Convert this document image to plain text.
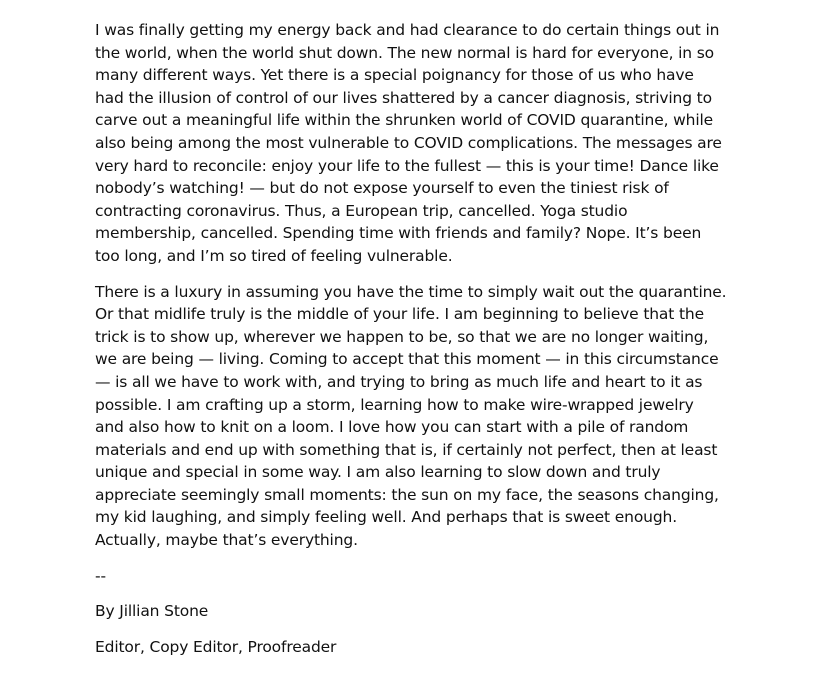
I was finally getting my energy back and had clearance to do certain things out in the world, when the world shut down. The new normal is hard for everyone, in so many different ways. Yet there is a special poignancy for those of us who have had the illusion of control of our lives shattered by a cancer diagnosis, striving to carve out a meaningful life within the shrunken world of COVID quarantine, while also being among the most vulnerable to COVID complications. The messages are very hard to reconcile: enjoy your life to the fullest — this is your time! Dance like nobody’s watching! — but do not expose yourself to even the tiniest risk of contracting coronavirus. Thus, a European trip, cancelled. Yoga studio membership, cancelled. Spending time with friends and family? Nope. It’s been too long, and I’m so tired of feeling vulnerable.

There is a luxury in assuming you have the time to simply wait out the quarantine. Or that midlife truly is the middle of your life. I am beginning to believe that the trick is to show up, wherever we happen to be, so that we are no longer waiting, we are being — living. Coming to accept that this moment — in this circumstance — is all we have to work with, and trying to bring as much life and heart to it as possible. I am crafting up a storm, learning how to make wire-wrapped jewelry and also how to knit on a loom. I love how you can start with a pile of random materials and end up with something that is, if certainly not perfect, then at least unique and special in some way. I am also learning to slow down and truly appreciate seemingly small moments: the sun on my face, the seasons changing, my kid laughing, and simply feeling well. And perhaps that is sweet enough. Actually, maybe that’s everything.

--

By Jillian Stone

Editor, Copy Editor, Proofreader
